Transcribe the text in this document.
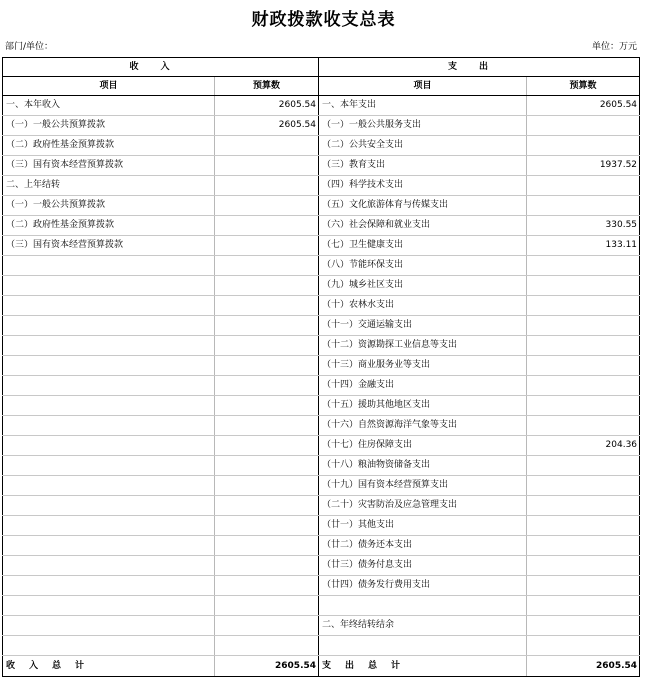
财政拨款收支总表
部门/单位：	单位：万元
收入		支出	
项目	预算数	项目	预算数
一、本年收入	2605.54	一、本年支出	2605.54
（一）一般公共预算拨款	2605.54	（一）一般公共服务支出	
（二）政府性基金预算拨款		（二）公共安全支出	
（三）国有资本经营预算拨款		（三）教育支出	1937.52
二、上年结转		（四）科学技术支出	
（一）一般公共预算拨款		（五）文化旅游体育与传媒支出	
（二）政府性基金预算拨款		（六）社会保障和就业支出	330.55
（三）国有资本经营预算拨款		（七）卫生健康支出	133.11
		（八）节能环保支出	
		（九）城乡社区支出	
		（十）农林水支出	
		（十一）交通运输支出	
		（十二）资源勘探工业信息等支出	
		（十三）商业服务业等支出	
		（十四）金融支出	
		（十五）援助其他地区支出	
		（十六）自然资源海洋气象等支出	
		（十七）住房保障支出	204.36
		（十八）粮油物资储备支出	
		（十九）国有资本经营预算支出	
		（二十）灾害防治及应急管理支出	
		（廿一）其他支出	
		（廿二）债务还本支出	
		（廿三）债务付息支出	
		（廿四）债务发行费用支出	

		二、年终结转结余	

收入总计	2605.54	支出总计	2605.54
